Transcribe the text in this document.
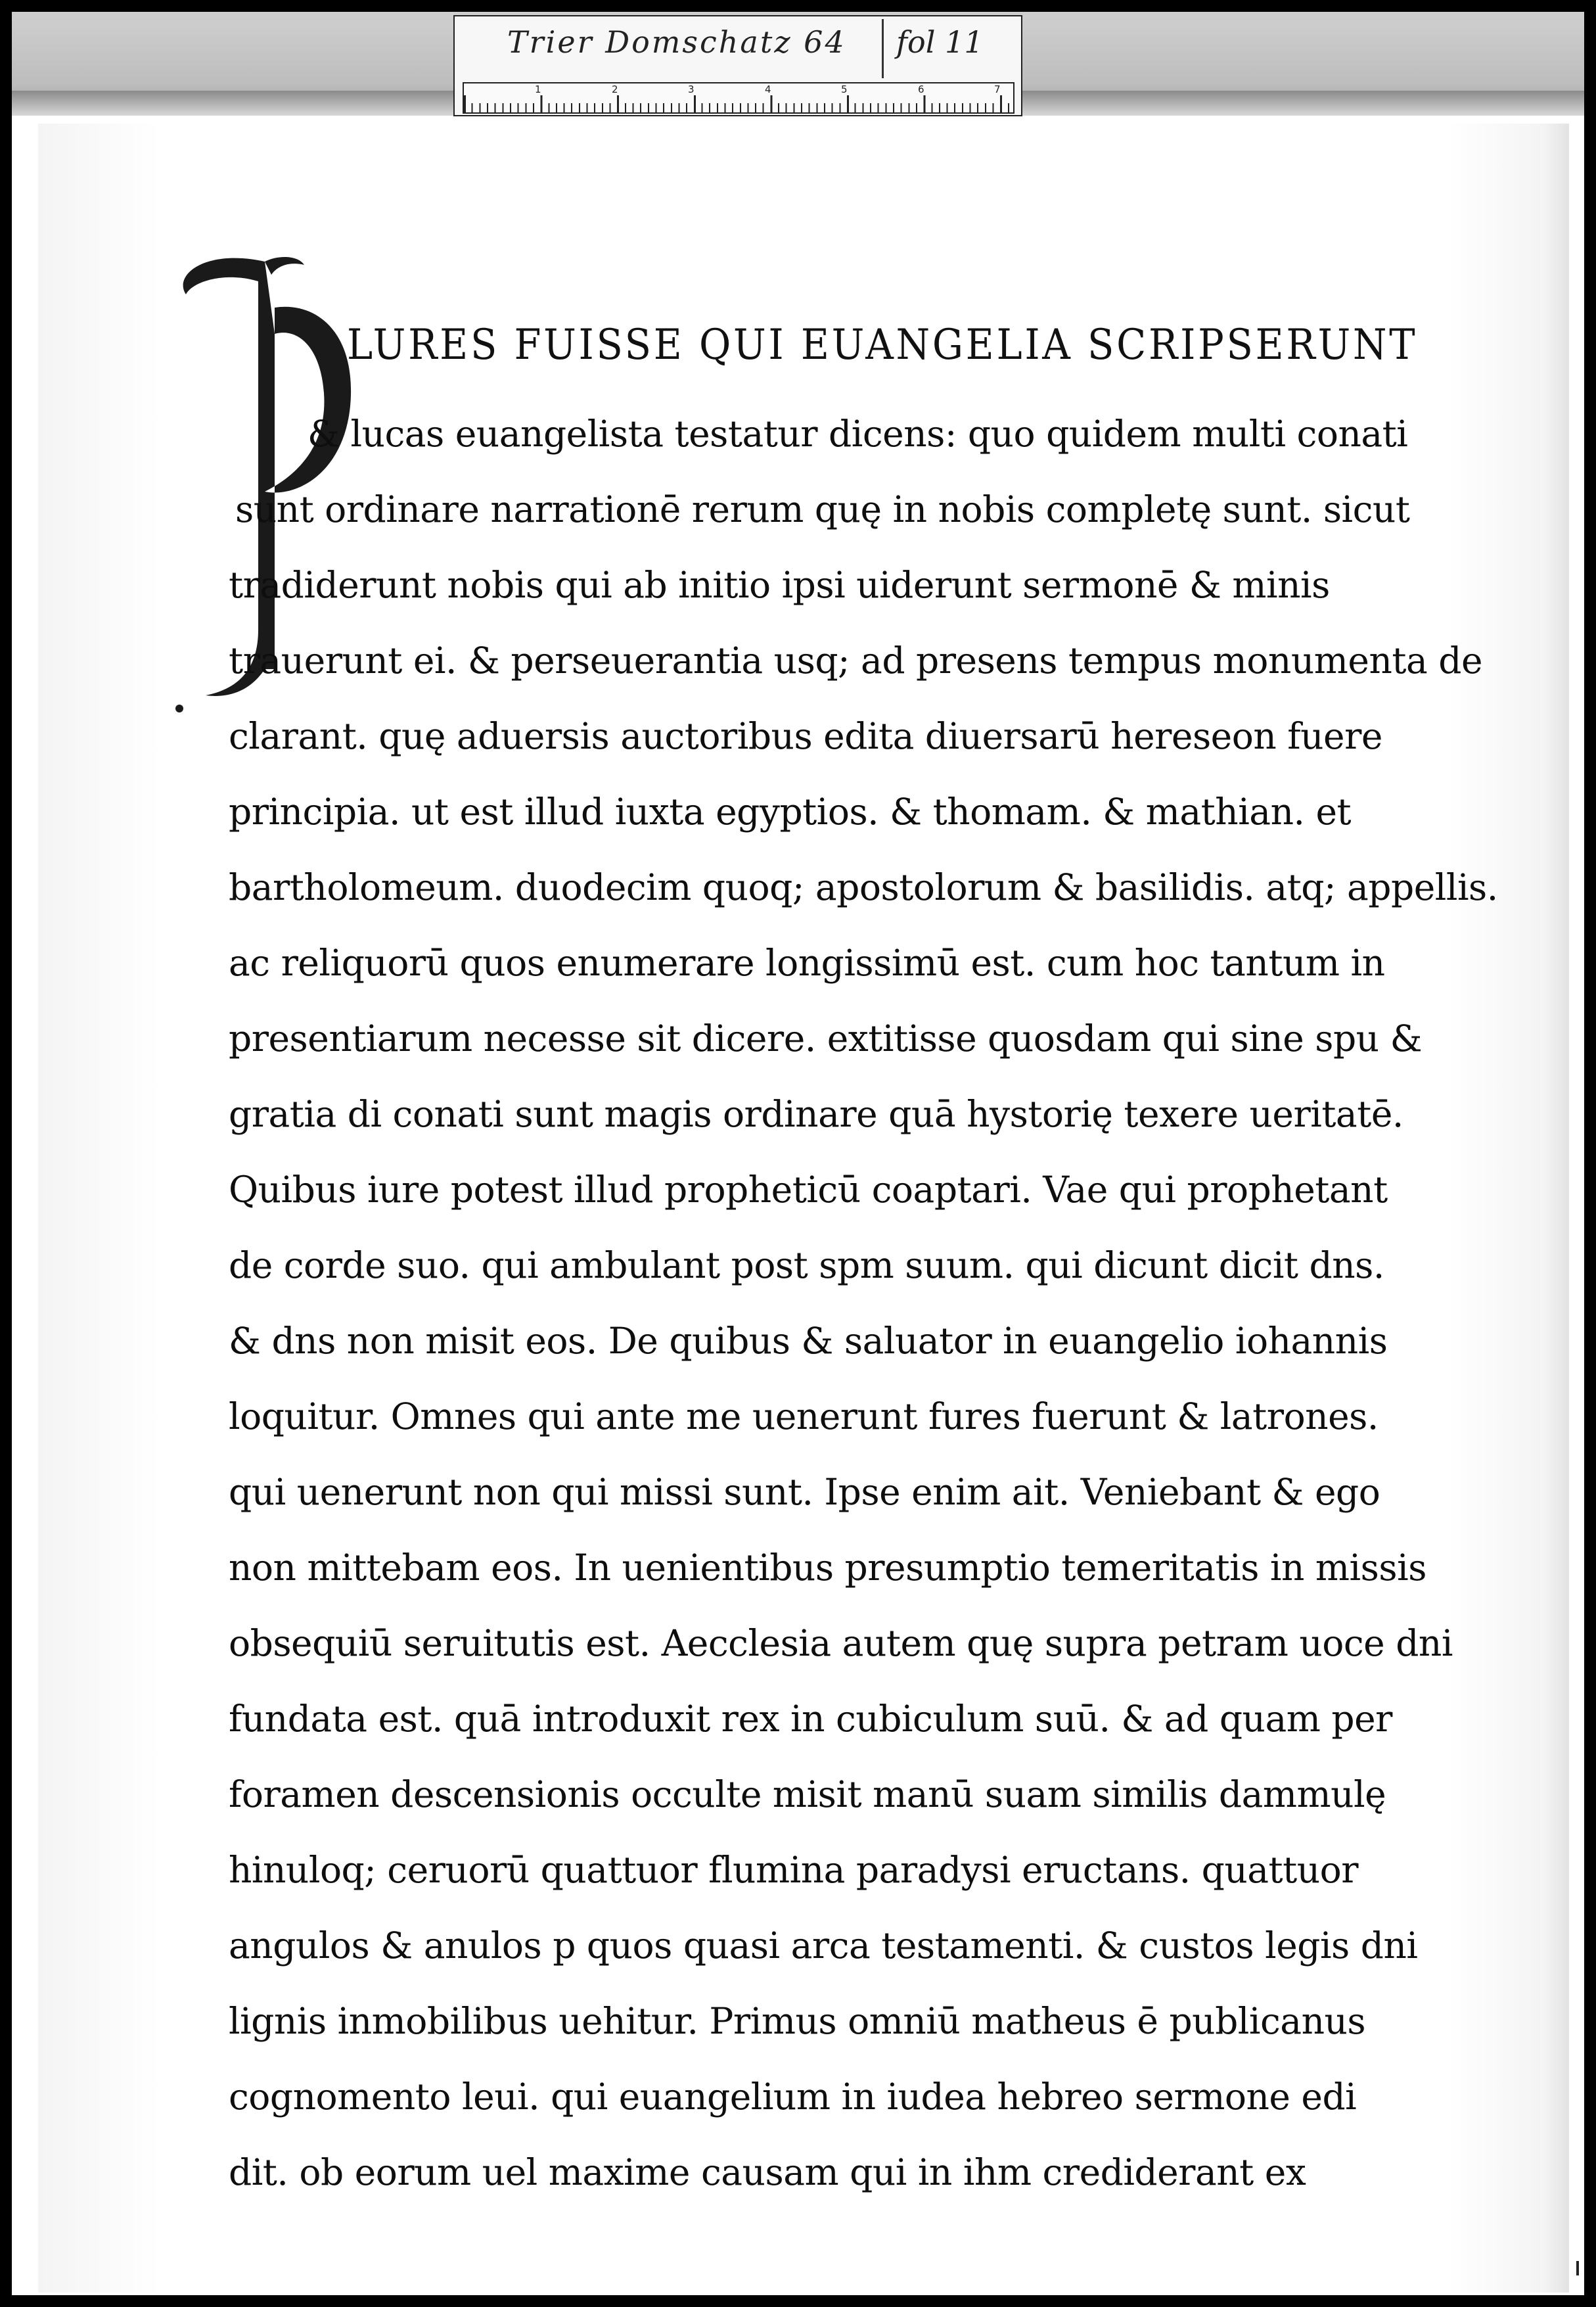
Trier Domschatz 64 fol 11
1	2	3	4	5	6	7
LURES FUISSE QUI EUANGELIA SCRIPSERUNT
& lucas euangelista testatur dicens: quo quidem multi conati
sunt ordinare narrationē rerum quę in nobis completę sunt. sicut
tradiderunt nobis qui ab initio ipsi uiderunt sermonē & minis
trauerunt ei. & perseuerantia usq; ad presens tempus monumenta de
clarant. quę aduersis auctoribus edita diuersarū hereseon fuere
principia. ut est illud iuxta egyptios. & thomam. & mathian. et
bartholomeum. duodecim quoq; apostolorum & basilidis. atq; appellis.
ac reliquorū quos enumerare longissimū est. cum hoc tantum in
presentiarum necesse sit dicere. extitisse quosdam qui sine spu &
gratia di conati sunt magis ordinare quā hystorię texere ueritatē.
Quibus iure potest illud propheticū coaptari. Vae qui prophetant
de corde suo. qui ambulant post spm suum. qui dicunt dicit dns.
& dns non misit eos. De quibus & saluator in euangelio iohannis
loquitur. Omnes qui ante me uenerunt fures fuerunt & latrones.
qui uenerunt non qui missi sunt. Ipse enim ait. Veniebant & ego
non mittebam eos. In uenientibus presumptio temeritatis in missis
obsequiū seruitutis est. Aecclesia autem quę supra petram uoce dni
fundata est. quā introduxit rex in cubiculum suū. & ad quam per
foramen descensionis occulte misit manū suam similis dammulę
hinuloq; ceruorū quattuor flumina paradysi eructans. quattuor
angulos & anulos p quos quasi arca testamenti. & custos legis dni
lignis inmobilibus uehitur. Primus omniū matheus ē publicanus
cognomento leui. qui euangelium in iudea hebreo sermone edi
dit. ob eorum uel maxime causam qui in ihm crediderant ex
